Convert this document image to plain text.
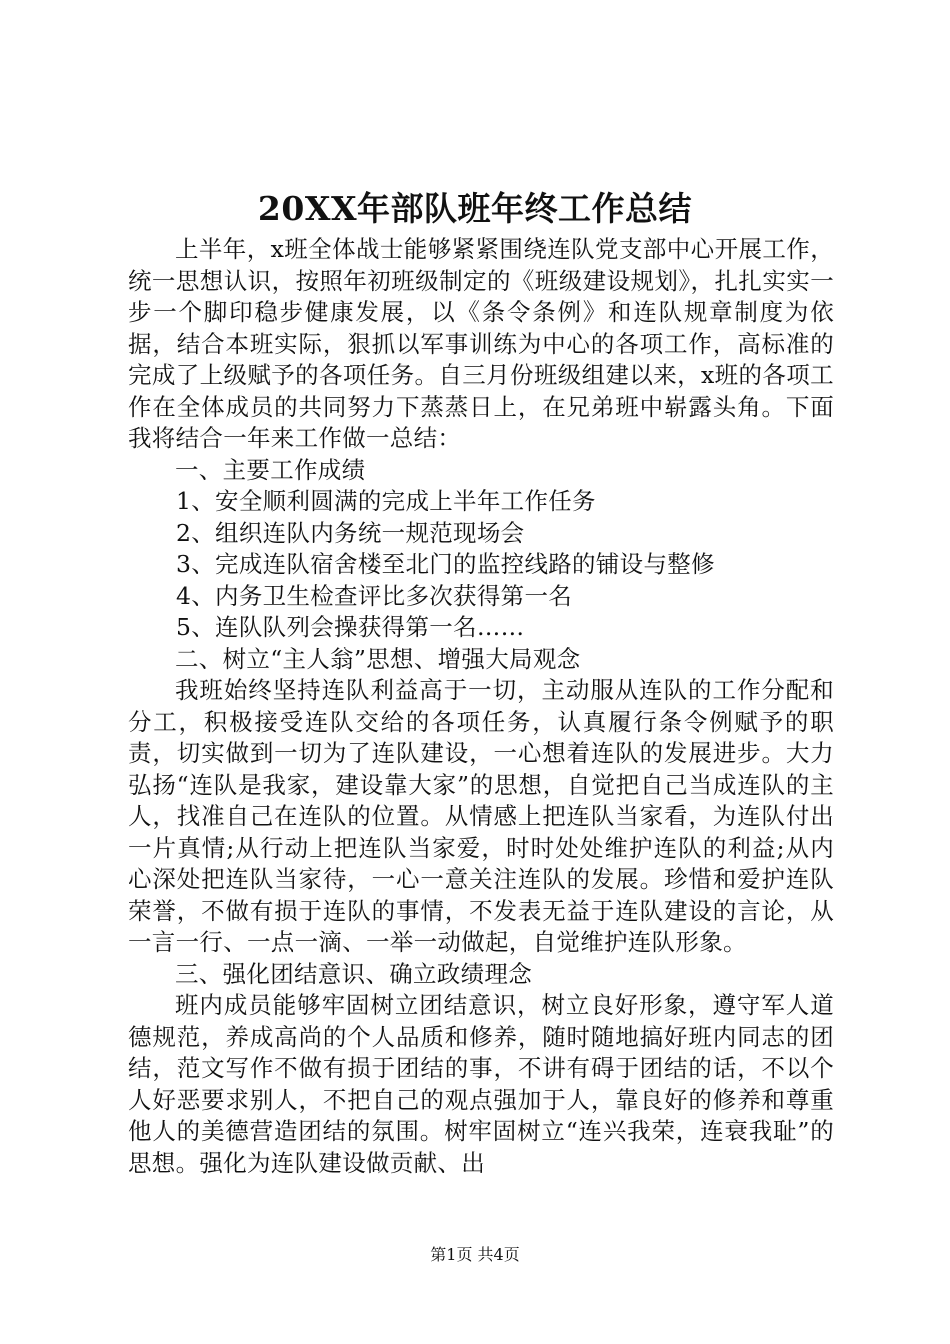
20XX年部队班年终工作总结

上半年，x班全体战士能够紧紧围绕连队党支部中心开展工作，统一思想认识，按照年初班级制定的《班级建设规划》，扎扎实实一步一个脚印稳步健康发展，以《条令条例》和连队规章制度为依据，结合本班实际，狠抓以军事训练为中心的各项工作，高标准的完成了上级赋予的各项任务。自三月份班级组建以来，x班的各项工作在全体成员的共同努力下蒸蒸日上，在兄弟班中崭露头角。下面我将结合一年来工作做一总结：

一、主要工作成绩

1、安全顺利圆满的完成上半年工作任务

2、组织连队内务统一规范现场会

3、完成连队宿舍楼至北门的监控线路的铺设与整修

4、内务卫生检查评比多次获得第一名

5、连队队列会操获得第一名……

二、树立“主人翁”思想、增强大局观念

我班始终坚持连队利益高于一切，主动服从连队的工作分配和分工，积极接受连队交给的各项任务，认真履行条令例赋予的职责，切实做到一切为了连队建设，一心想着连队的发展进步。大力弘扬“连队是我家，建设靠大家”的思想，自觉把自己当成连队的主人，找准自己在连队的位置。从情感上把连队当家看，为连队付出一片真情;从行动上把连队当家爱，时时处处维护连队的利益;从内心深处把连队当家待，一心一意关注连队的发展。珍惜和爱护连队荣誉，不做有损于连队的事情，不发表无益于连队建设的言论，从一言一行、一点一滴、一举一动做起，自觉维护连队形象。

三、强化团结意识、确立政绩理念

班内成员能够牢固树立团结意识，树立良好形象，遵守军人道德规范，养成高尚的个人品质和修养，随时随地搞好班内同志的团结，范文写作不做有损于团结的事，不讲有碍于团结的话，不以个人好恶要求别人，不把自己的观点强加于人，靠良好的修养和尊重他人的美德营造团结的氛围。树牢固树立“连兴我荣，连衰我耻”的思想。强化为连队建设做贡献、出

第1页 共4页
